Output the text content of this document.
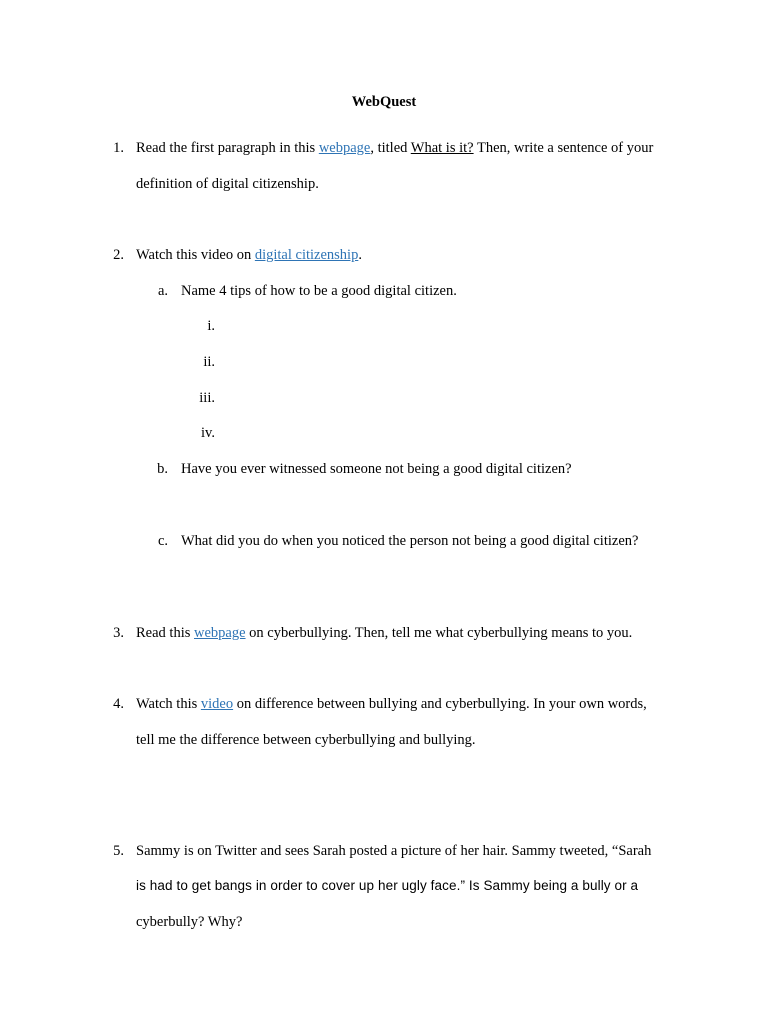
WebQuest
1. Read the first paragraph in this webpage, titled What is it? Then, write a sentence of your
definition of digital citizenship.
2. Watch this video on digital citizenship.
a. Name 4 tips of how to be a good digital citizen.
i.
ii.
iii.
iv.
b. Have you ever witnessed someone not being a good digital citizen?
c. What did you do when you noticed the person not being a good digital citizen?
3. Read this webpage on cyberbullying. Then, tell me what cyberbullying means to you.
4. Watch this video on difference between bullying and cyberbullying. In your own words,
tell me the difference between cyberbullying and bullying.
5. Sammy is on Twitter and sees Sarah posted a picture of her hair. Sammy tweeted, “Sarah
is had to get bangs in order to cover up her ugly face.” Is Sammy being a bully or a
cyberbully? Why?
